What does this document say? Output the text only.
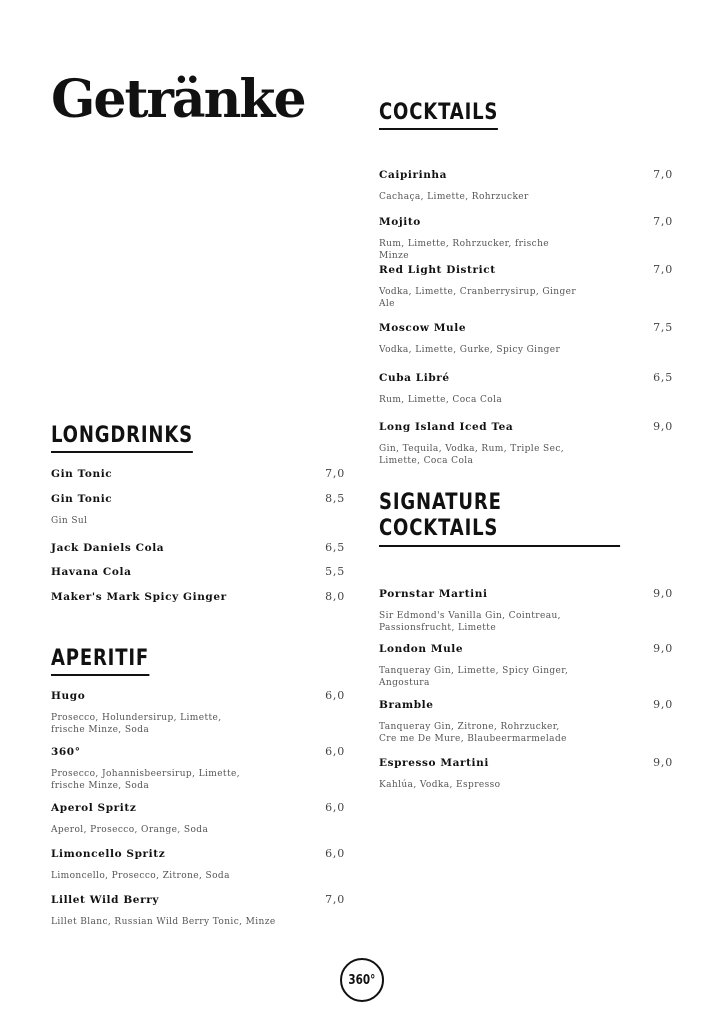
Getränke	COCKTAILS
Caipirinha	7,0
Cachaça, Limette, Rohrzucker
Mojito	7,0
Rum, Limette, Rohrzucker, frische Minze
Red Light District	7,0
Vodka, Limette, Cranberrysirup, Ginger Ale
Moscow Mule	7,5
Vodka, Limette, Gurke, Spicy Ginger
Cuba Libré	6,5
Rum, Limette, Coca Cola
Long Island Iced Tea	9,0
Gin, Tequila, Vodka, Rum, Triple Sec, Limette, Coca Cola
SIGNATURE COCKTAILS
Pornstar Martini	9,0
Sir Edmond's Vanilla Gin, Cointreau, Passionsfrucht, Limette
London Mule	9,0
Tanqueray Gin, Limette, Spicy Ginger, Angostura
Bramble	9,0
Tanqueray Gin, Zitrone, Rohrzucker, Cre me De Mure, Blaubeermarmelade
Espresso Martini	9,0
Kahlúa, Vodka, Espresso
LONGDRINKS
Gin Tonic	7,0
Gin Tonic	8,5
Gin Sul
Jack Daniels Cola	6,5
Havana Cola	5,5
Maker's Mark Spicy Ginger	8,0
APERITIF
Hugo	6,0
Prosecco, Holundersirup, Limette, frische Minze, Soda
360°	6,0
Prosecco, Johannisbeersirup, Limette, frische Minze, Soda
Aperol Spritz	6,0
Aperol, Prosecco, Orange, Soda
Limoncello Spritz	6,0
Limoncello, Prosecco, Zitrone, Soda
Lillet Wild Berry	7,0
Lillet Blanc, Russian Wild Berry Tonic, Minze
360°
